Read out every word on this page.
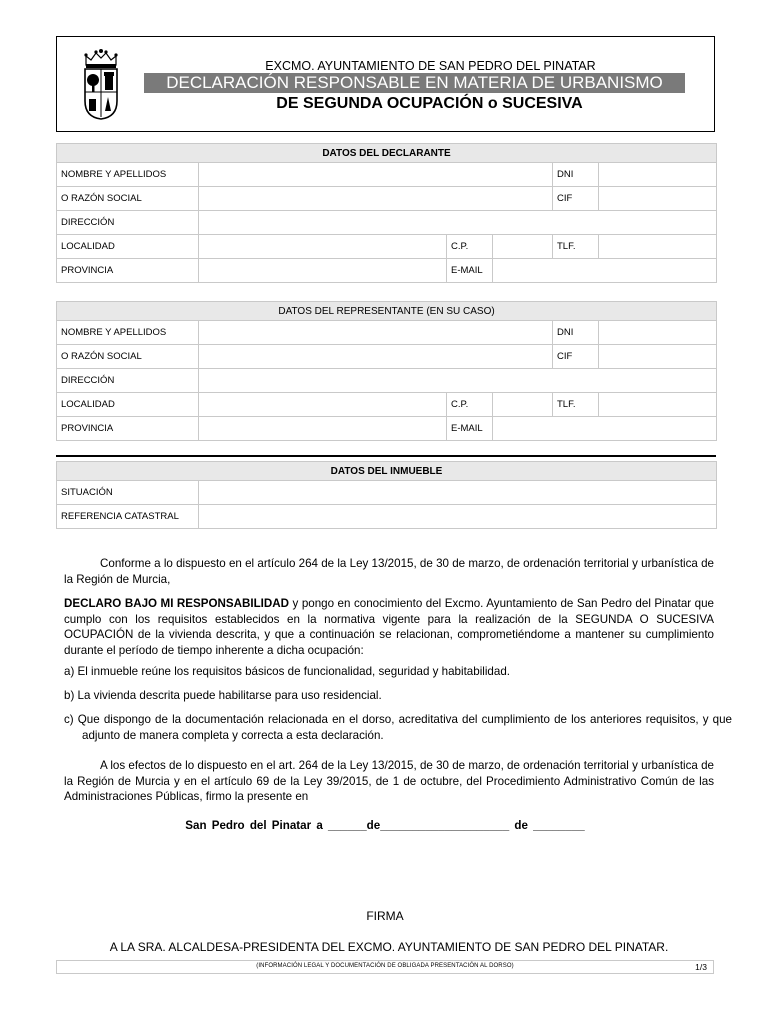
EXCMO. AYUNTAMIENTO DE SAN PEDRO DEL PINATAR
DECLARACIÓN RESPONSABLE EN MATERIA DE URBANISMO
DE SEGUNDA OCUPACIÓN o SUCESIVA
DATOS DEL DECLARANTE					
NOMBRE Y APELLIDOS				DNI	
O RAZÓN SOCIAL				CIF	
DIRECCIÓN					
LOCALIDAD		C.P.		TLF.	
PROVINCIA		E-MAIL			
DATOS DEL REPRESENTANTE (EN SU CASO)					
NOMBRE Y APELLIDOS				DNI	
O RAZÓN SOCIAL				CIF	
DIRECCIÓN					
LOCALIDAD		C.P.		TLF.	
PROVINCIA		E-MAIL			
DATOS DEL INMUEBLE	
SITUACIÓN	
REFERENCIA CATASTRAL	
Conforme a lo dispuesto en el artículo 264 de la Ley 13/2015, de 30 de marzo, de ordenación territorial y urbanística de la Región de Murcia,
DECLARO BAJO MI RESPONSABILIDAD y pongo en conocimiento del Excmo. Ayuntamiento de San Pedro del Pinatar que cumplo con los requisitos establecidos en la normativa vigente para la realización de la SEGUNDA O SUCESIVA OCUPACIÓN de la vivienda descrita, y que a continuación se relacionan, comprometiéndome a mantener su cumplimiento durante el período de tiempo inherente a dicha ocupación:
a) El inmueble reúne los requisitos básicos de funcionalidad, seguridad y habitabilidad.
b) La vivienda descrita puede habilitarse para uso residencial.
c) Que dispongo de la documentación relacionada en el dorso, acreditativa del cumplimiento de los anteriores requisitos, y que adjunto de manera completa y correcta a esta declaración.
A los efectos de lo dispuesto en el art. 264 de la Ley 13/2015, de 30 de marzo, de ordenación territorial y urbanística de la Región de Murcia y en el artículo 69 de la Ley 39/2015, de 1 de octubre, del Procedimiento Administrativo Común de las Administraciones Públicas, firmo la presente en
San Pedro del Pinatar a ______de____________________ de ________
FIRMA
A LA SRA. ALCALDESA-PRESIDENTA DEL EXCMO. AYUNTAMIENTO DE SAN PEDRO DEL PINATAR.
(INFORMACIÓN LEGAL Y DOCUMENTACIÓN DE OBLIGADA PRESENTACIÓN AL DORSO)	1/3
